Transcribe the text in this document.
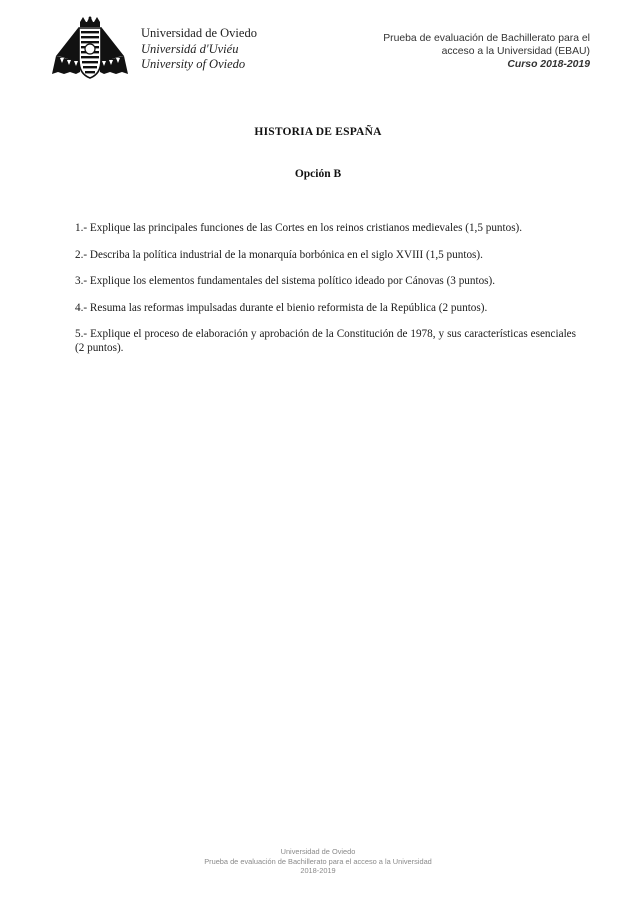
Universidad de Oviedo
Universidá d'Uviéu
University of Oviedo
Prueba de evaluación de Bachillerato para el
acceso a la Universidad (EBAU)
Curso 2018-2019
HISTORIA DE ESPAÑA
Opción B

1.- Explique las principales funciones de las Cortes en los reinos cristianos medievales (1,5 puntos).

2.- Describa la política industrial de la monarquía borbónica en el siglo XVIII (1,5 puntos).

3.- Explique los elementos fundamentales del sistema político ideado por Cánovas (3 puntos).

4.- Resuma las reformas impulsadas durante el bienio reformista de la República (2 puntos).

5.- Explique el proceso de elaboración y aprobación de la Constitución de 1978, y sus características esenciales (2 puntos).

Universidad de Oviedo
Prueba de evaluación de Bachillerato para el acceso a la Universidad
2018-2019
